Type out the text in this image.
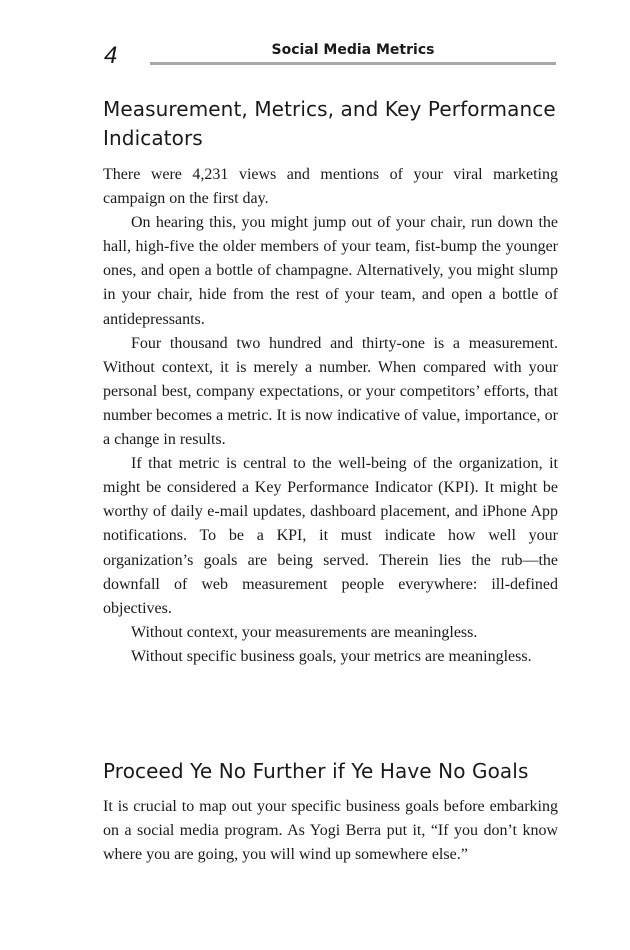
4	Social Media Metrics
Measurement, Metrics, and Key Performance Indicators

There were 4,231 views and mentions of your viral marketing campaign on the first day.

On hearing this, you might jump out of your chair, run down the hall, high-five the older members of your team, fist-bump the younger ones, and open a bottle of champagne. Alternatively, you might slump in your chair, hide from the rest of your team, and open a bottle of antidepressants.

Four thousand two hundred and thirty-one is a measurement. Without context, it is merely a number. When compared with your personal best, company expectations, or your competitors’ efforts, that number becomes a metric. It is now indicative of value, importance, or a change in results.

If that metric is central to the well-being of the organization, it might be considered a Key Performance Indicator (KPI). It might be worthy of daily e-mail updates, dashboard placement, and iPhone App notifications. To be a KPI, it must indicate how well your organization’s goals are being served. Therein lies the rub—the downfall of web measurement people everywhere: ill-defined objectives.

Without context, your measurements are meaningless.

Without specific business goals, your metrics are meaningless.

Proceed Ye No Further if Ye Have No Goals

It is crucial to map out your specific business goals before embarking on a social media program. As Yogi Berra put it, “If you don’t know where you are going, you will wind up somewhere else.”
